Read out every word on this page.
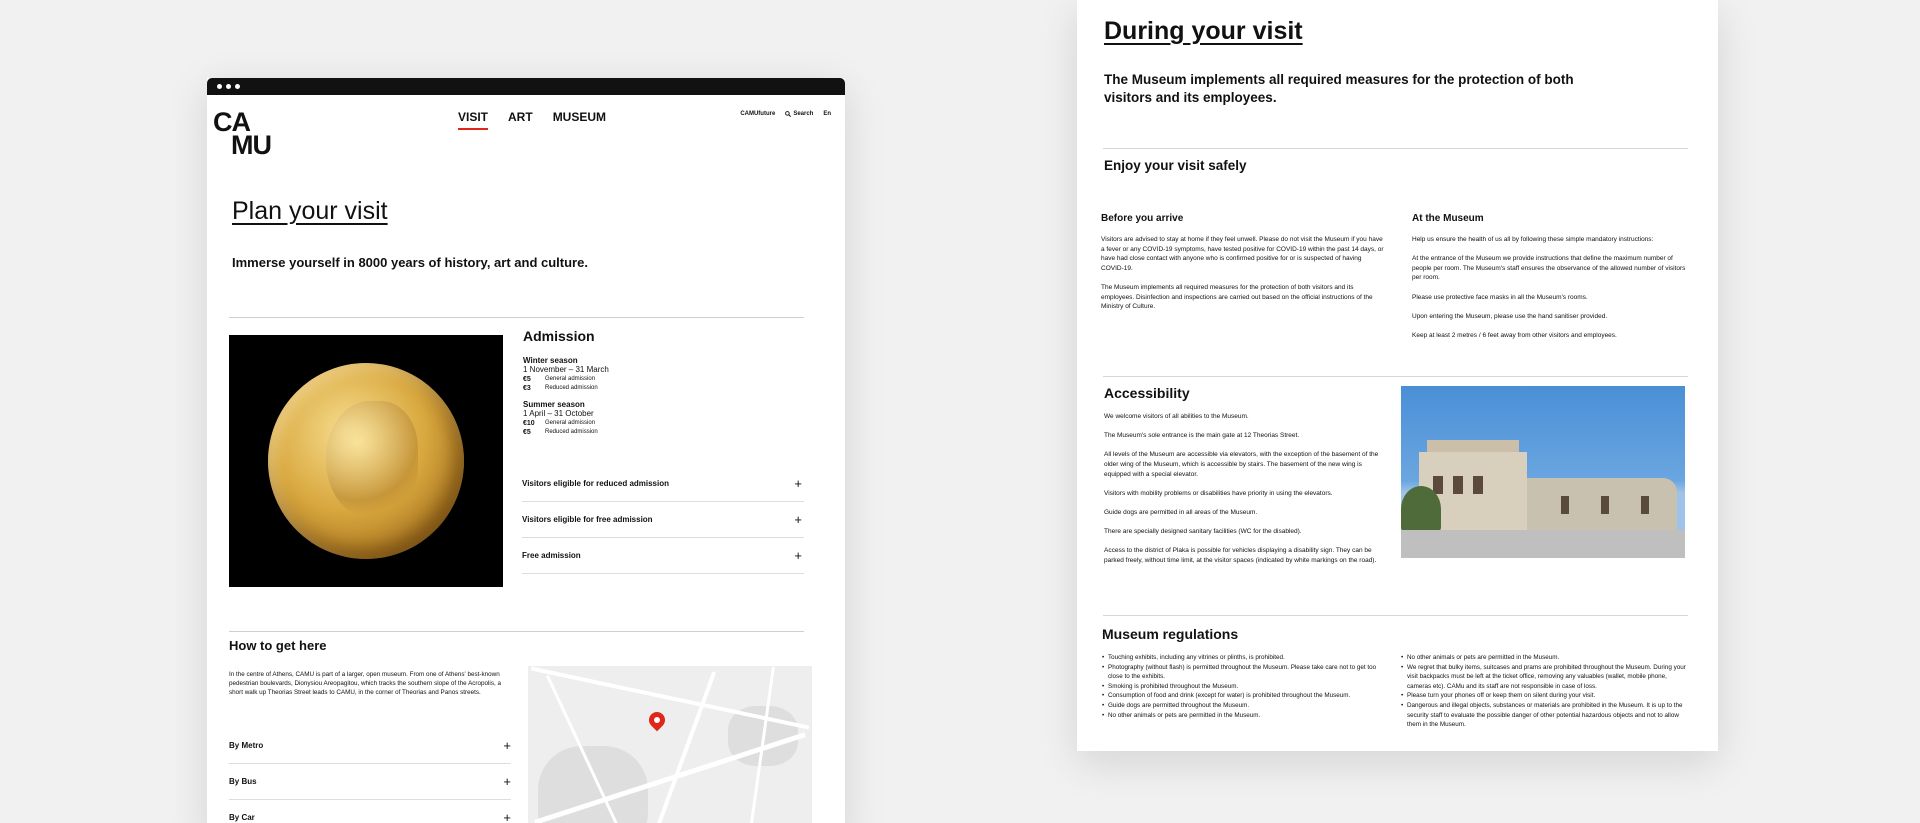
CA
MU
VISIT ART MUSEUM	CAMUfuture	Search En
Plan your visit

Immerse yourself in 8000 years of history, art and culture.

Admission
Winter season
1 November – 31 March
€5	General admission
€3	Reduced admission
Summer season
1 April – 31 October
€10	General admission
€5	Reduced admission
Visitors eligible for reduced admission	+
Visitors eligible for free admission	+
Free admission	+
How to get here

In the centre of Athens, CAMU is part of a larger, open museum. From one of Athens' best-known pedestrian boulevards, Dionysiou Areopagitou, which tracks the southern slope of the Acropolis, a short walk up Theorias Street leads to CAMU, in the corner of Theorias and Panos streets.

By Metro	+
By Bus	+
By Car	+
During your visit

The Museum implements all required measures for the protection of both visitors and its employees.

Enjoy your visit safely
Before you arrive

Visitors are advised to stay at home if they feel unwell. Please do not visit the Museum if you have a fever or any COVID-19 symptoms, have tested positive for COVID-19 within the past 14 days, or have had close contact with anyone who is confirmed positive for or is suspected of having COVID-19.

The Museum implements all required measures for the protection of both visitors and its employees. Disinfection and inspections are carried out based on the official instructions of the Ministry of Culture.

At the Museum

Help us ensure the health of us all by following these simple mandatory instructions:

At the entrance of the Museum we provide instructions that define the maximum number of people per room. The Museum's staff ensures the observance of the allowed number of visitors per room.

Please use protective face masks in all the Museum's rooms.

Upon entering the Museum, please use the hand sanitiser provided.

Keep at least 2 metres / 6 feet away from other visitors and employees.

Accessibility

We welcome visitors of all abilities to the Museum.

The Museum's sole entrance is the main gate at 12 Theorias Street.

All levels of the Museum are accessible via elevators, with the exception of the basement of the older wing of the Museum, which is accessible by stairs. The basement of the new wing is equipped with a special elevator.

Visitors with mobility problems or disabilities have priority in using the elevators.

Guide dogs are permitted in all areas of the Museum.

There are specially designed sanitary facilities (WC for the disabled).

Access to the district of Plaka is possible for vehicles displaying a disability sign. They can be parked freely, without time limit, at the visitor spaces (indicated by white markings on the road).

Museum regulations
• Touching exhibits, including any vitrines or plinths, is prohibited.
• Photography (without flash) is permitted throughout the Museum. Please take care not to get too close to the exhibits.
• Smoking is prohibited throughout the Museum.
• Consumption of food and drink (except for water) is prohibited throughout the Museum.
• Guide dogs are permitted throughout the Museum.
• No other animals or pets are permitted in the Museum.
• No other animals or pets are permitted in the Museum.
• We regret that bulky items, suitcases and prams are prohibited throughout the Museum. During your visit backpacks must be left at the ticket office, removing any valuables (wallet, mobile phone, cameras etc). CAMu and its staff are not responsible in case of loss.
• Please turn your phones off or keep them on silent during your visit.
• Dangerous and illegal objects, substances or materials are prohibited in the Museum. It is up to the security staff to evaluate the possible danger of other potential hazardous objects and not to allow them in the Museum.
